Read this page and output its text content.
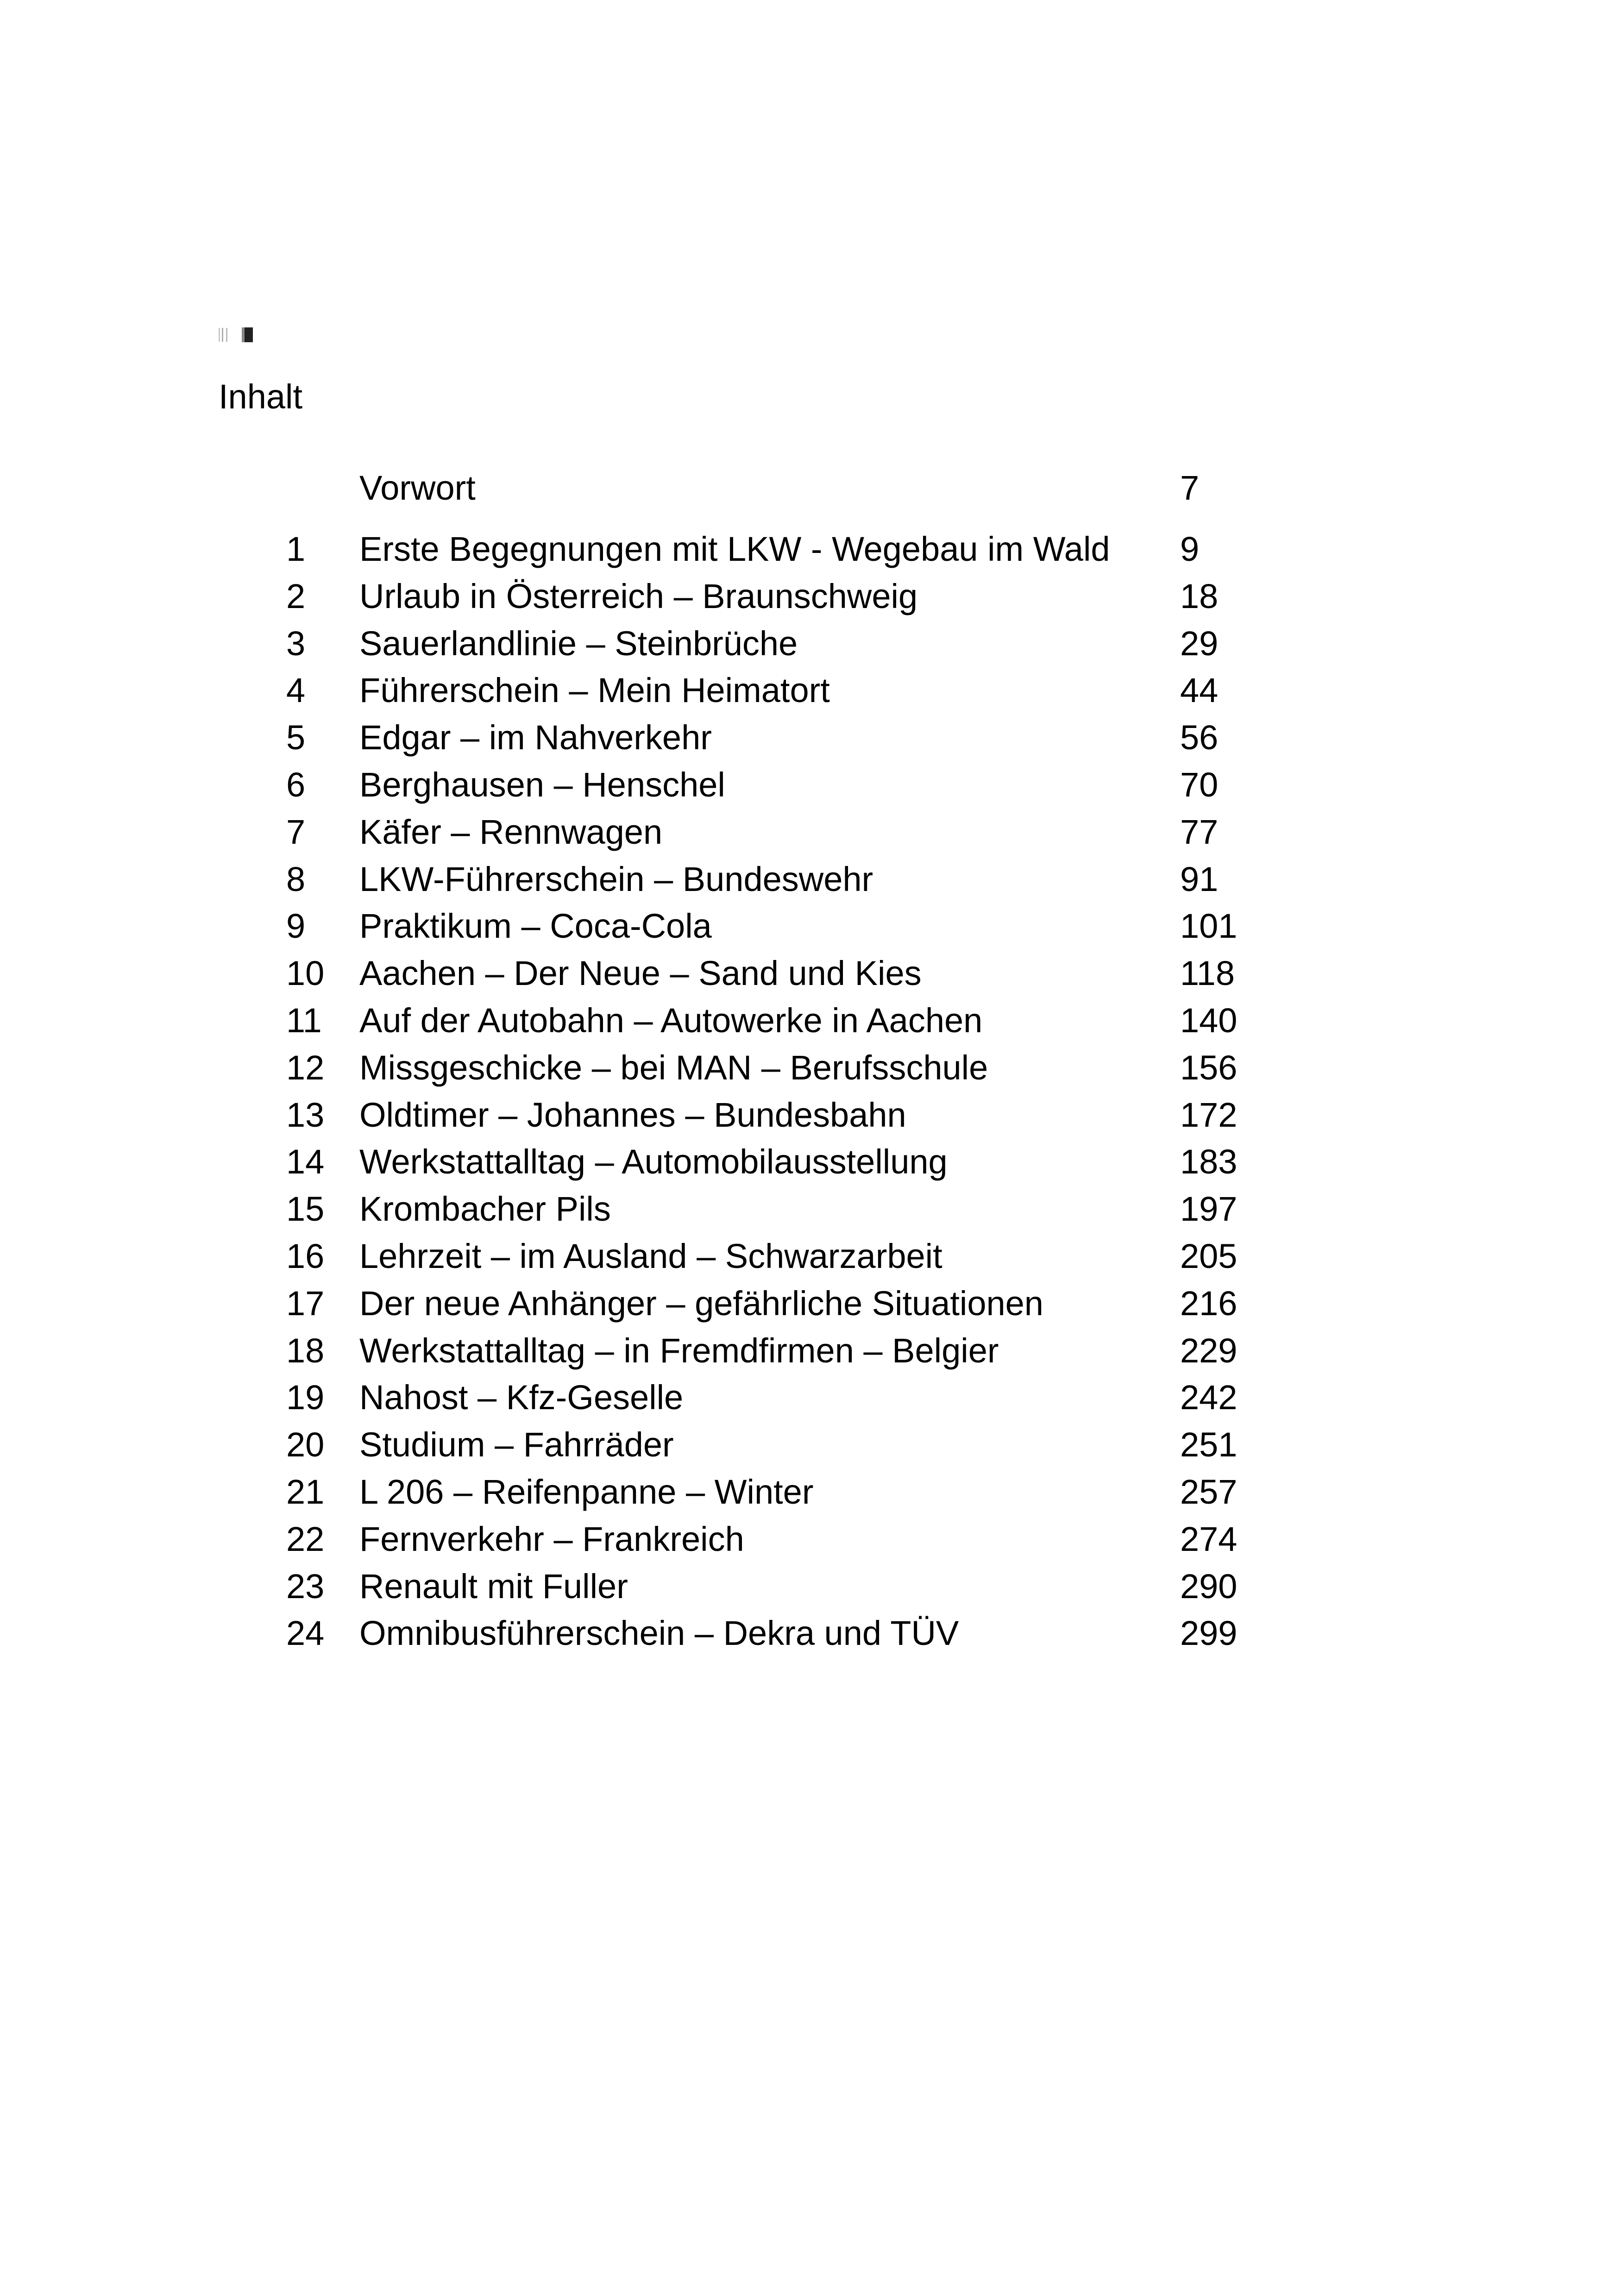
Inhalt
Vorwort	7
1	Erste Begegnungen mit LKW - Wegebau im Wald 9
2	Urlaub in Österreich – Braunschweig	18
3	Sauerlandlinie – Steinbrüche	29
4	Führerschein – Mein Heimatort	44
5	Edgar – im Nahverkehr	56
6	Berghausen – Henschel	70
7	Käfer – Rennwagen	77
8	LKW-Führerschein – Bundeswehr	91
9	Praktikum – Coca-Cola	101
10 Aachen – Der Neue – Sand und Kies	118
11 Auf der Autobahn – Autowerke in Aachen	140
12 Missgeschicke – bei MAN – Berufsschule	156
13 Oldtimer – Johannes – Bundesbahn	172
14 Werkstattalltag – Automobilausstellung	183
15 Krombacher Pils	197
16 Lehrzeit – im Ausland – Schwarzarbeit	205
17 Der neue Anhänger – gefährliche Situationen	216
18 Werkstattalltag – in Fremdfirmen – Belgier	229
19 Nahost – Kfz-Geselle	242
20 Studium – Fahrräder	251
21 L 206 – Reifenpanne – Winter	257
22 Fernverkehr – Frankreich	274
23 Renault mit Fuller	290
24 Omnibusführerschein – Dekra und TÜV	299
